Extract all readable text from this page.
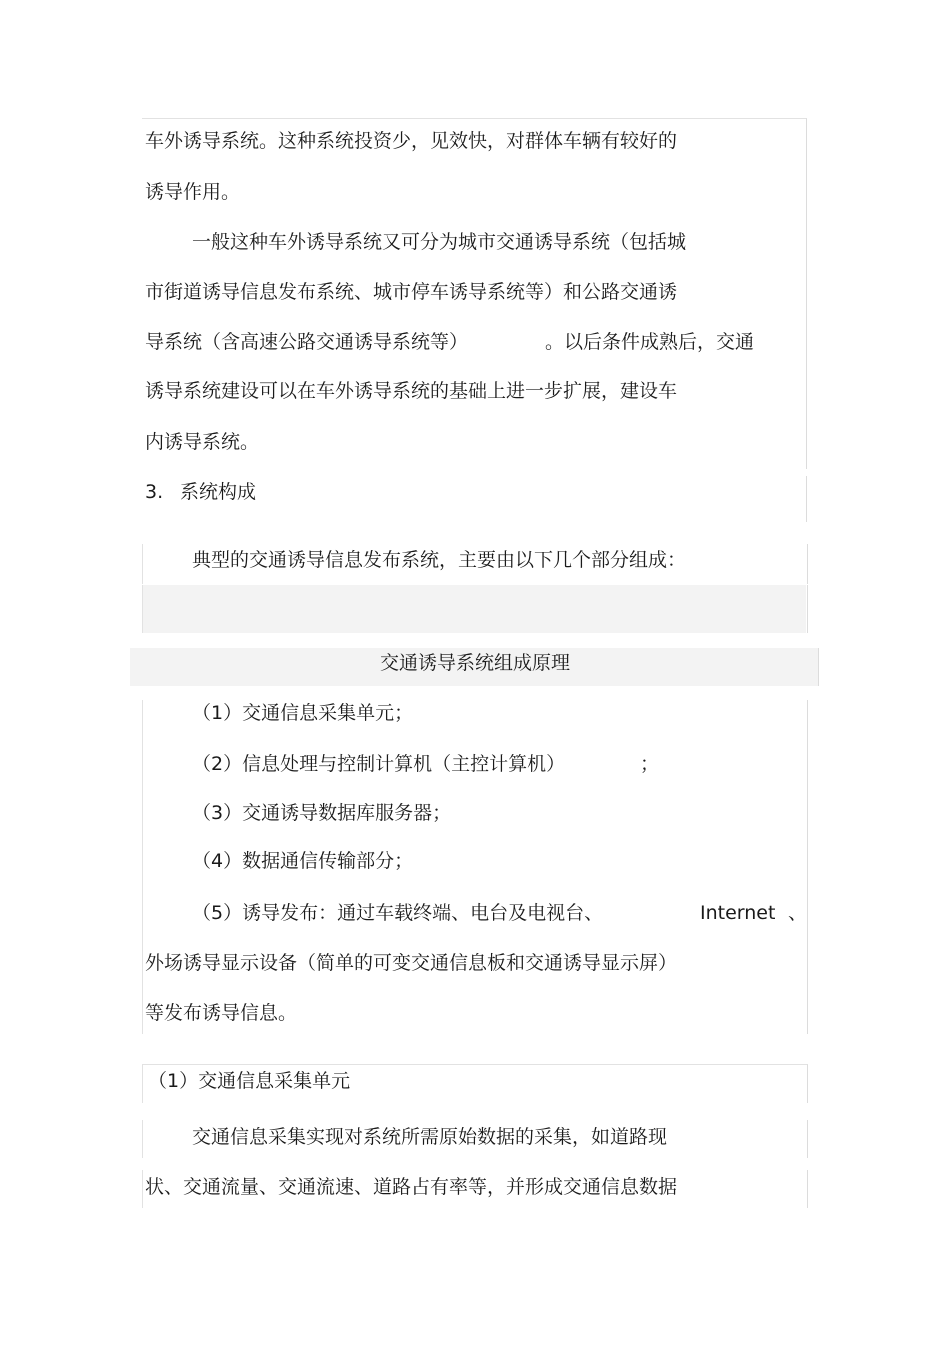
车外诱导系统。这种系统投资少，见效快，对群体车辆有较好的
诱导作用。
一般这种车外诱导系统又可分为城市交通诱导系统（包括城
市街道诱导信息发布系统、城市停车诱导系统等）和公路交通诱
导系统（含高速公路交通诱导系统等）	。以后条件成熟后，交通
诱导系统建设可以在车外诱导系统的基础上进一步扩展，建设车
内诱导系统。
3. 系统构成
典型的交通诱导信息发布系统，主要由以下几个部分组成：
交通诱导系统组成原理
（1）交通信息采集单元；
（2）信息处理与控制计算机（主控计算机）	；
（3）交通诱导数据库服务器；
（4）数据通信传输部分；
（5）诱导发布：通过车载终端、电台及电视台、	Internet 、
外场诱导显示设备（简单的可变交通信息板和交通诱导显示屏）
等发布诱导信息。
（1）交通信息采集单元
交通信息采集实现对系统所需原始数据的采集，如道路现
状、交通流量、交通流速、道路占有率等，并形成交通信息数据
